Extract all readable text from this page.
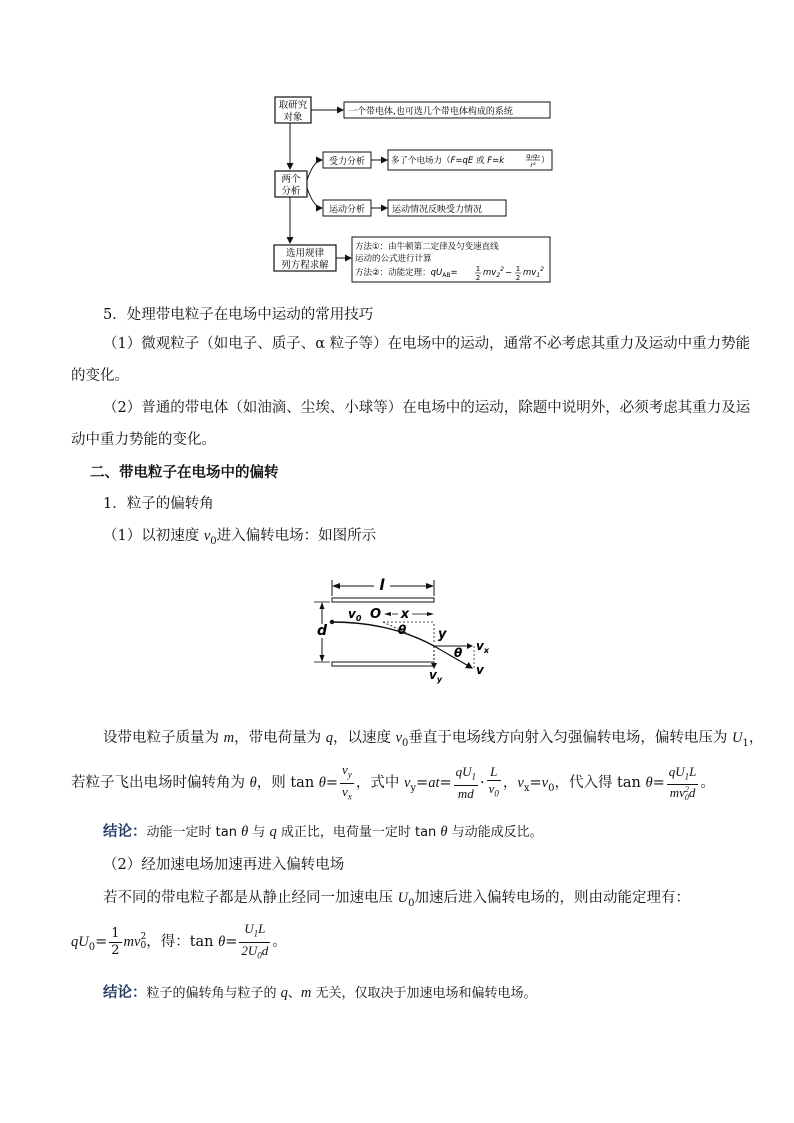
取研究
对象	一个带电体,也可选几个带电体构成的系统
两个
分析
受力分析	多了个电场力（F=qE 或 F=k	q₁q₂
r² ）
运动分析	运动情况反映受力情况
选用规律
列方程求解
方法①：由牛顿第二定律及匀变速直线
运动的公式进行计算
方法②：动能定理：$qU_{AB}=$	1
2 $mv_2^2 - 1$
2 $mv_1^2$
5．处理带电粒子在电场中运动的常用技巧
（1）微观粒子（如电子、质子、α 粒子等）在电场中的运动，通常不必考虑其重力及运动中重力势能
的变化。
（2）普通的带电体（如油滴、尘埃、小球等）在电场中的运动，除题中说明外，必须考虑其重力及运
动中重力势能的变化。
二、带电粒子在电场中的偏转
1．粒子的偏转角
（1）以初速度 $v_0$进入偏转电场：如图所示
l
d
$v_0$ O x
θ y
θ $v_x$
$v_y$
v
设带电粒子质量为 m，带电荷量为 q，以速度 $v_0$垂直于电场线方向射入匀强偏转电场，偏转电压为 $U_1$，
若粒子飞出电场时偏转角为 θ，则 $\tan \theta= \frac{v_y}{v_x}$ ，式中 $v_y=at= \frac{qU_1}{md} \cdot \frac{L}{v_0}$ ，$v_x=v_0$，代入得 $\tan \theta= qU_1L$
mv 2
0 d 。
结论：动能一定时 tan θ 与 q 成正比，电荷量一定时 tan θ 与动能成反比。
（2）经加速电场加速再进入偏转电场
若不同的带电粒子都是从静止经同一加速电压 $U_0$加速后进入偏转电场的，则由动能定理有：
$qU_0= \frac{1}{2}$ mv 2
0 ，得：$\tan \theta= \frac{U_1L}{2U_0d}$ 。
结论：粒子的偏转角与粒子的 q、m 无关，仅取决于加速电场和偏转电场。
